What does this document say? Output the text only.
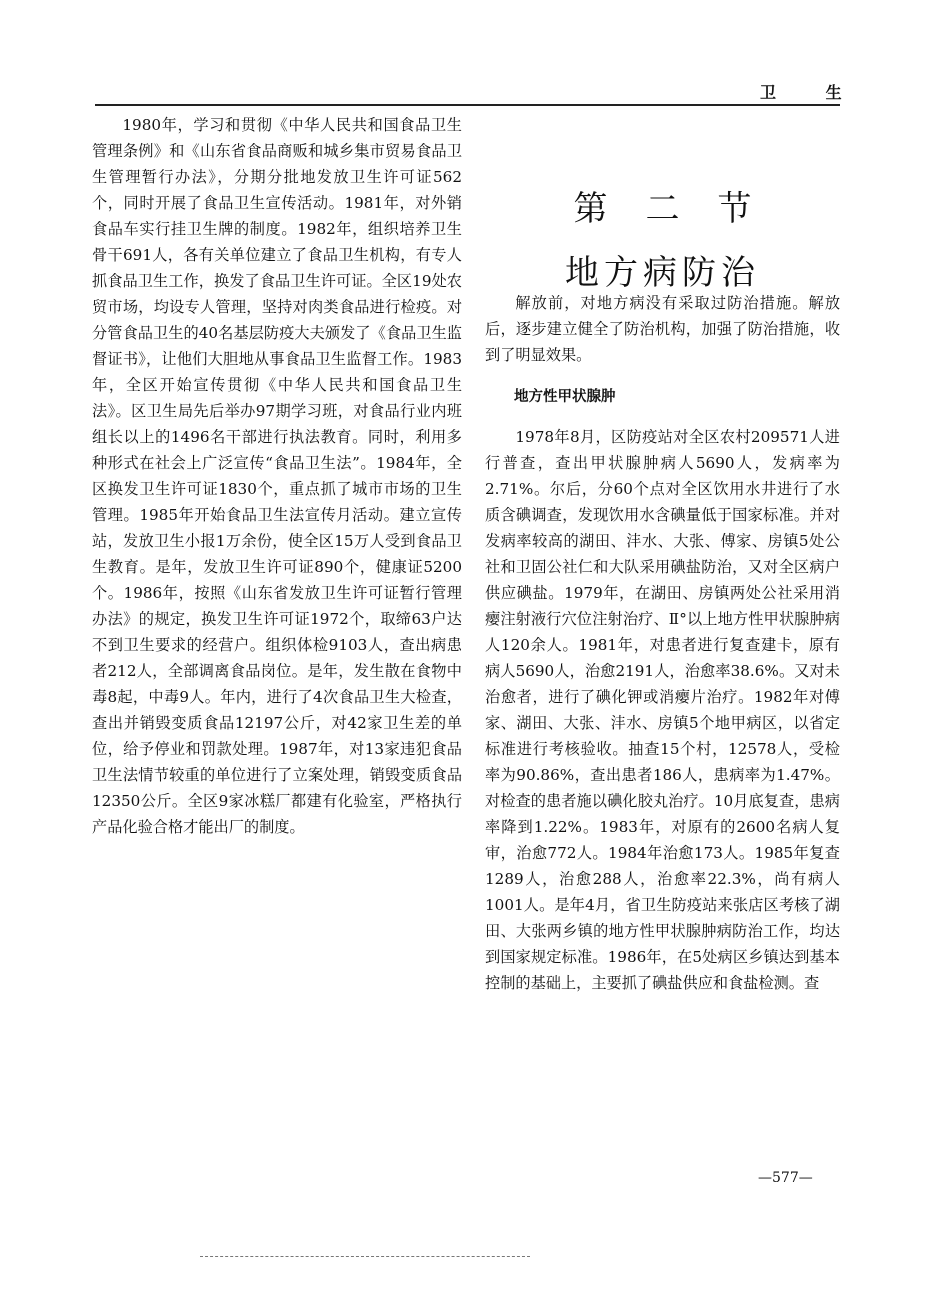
卫 生

1980年，学习和贯彻《中华人民共和国食品卫生管理条例》和《山东省食品商贩和城乡集市贸易食品卫生管理暂行办法》，分期分批地发放卫生许可证562个，同时开展了食品卫生宣传活动。1981年，对外销食品车实行挂卫生牌的制度。1982年，组织培养卫生骨干691人，各有关单位建立了食品卫生机构，有专人抓食品卫生工作，换发了食品卫生许可证。全区19处农贸市场，均设专人管理，坚持对肉类食品进行检疫。对分管食品卫生的40名基层防疫大夫颁发了《食品卫生监督证书》，让他们大胆地从事食品卫生监督工作。1983年，全区开始宣传贯彻《中华人民共和国食品卫生法》。区卫生局先后举办97期学习班，对食品行业内班组长以上的1496名干部进行执法教育。同时，利用多种形式在社会上广泛宣传“食品卫生法”。1984年，全区换发卫生许可证1830个，重点抓了城市市场的卫生管理。1985年开始食品卫生法宣传月活动。建立宣传站，发放卫生小报1万余份，使全区15万人受到食品卫生教育。是年，发放卫生许可证890个，健康证5200个。1986年，按照《山东省发放卫生许可证暂行管理办法》的规定，换发卫生许可证1972个，取缔63户达不到卫生要求的经营户。组织体检9103人，查出病患者212人，全部调离食品岗位。是年，发生散在食物中毒8起，中毒9人。年内，进行了4次食品卫生大检查，查出并销毁变质食品12197公斤，对42家卫生差的单位，给予停业和罚款处理。1987年，对13家违犯食品卫生法情节较重的单位进行了立案处理，销毁变质食品12350公斤。全区9家冰糕厂都建有化验室，严格执行产品化验合格才能出厂的制度。

第二节
地方病防治

解放前，对地方病没有采取过防治措施。解放后，逐步建立健全了防治机构，加强了防治措施，收到了明显效果。

地方性甲状腺肿

1978年8月，区防疫站对全区农村209571人进行普查，查出甲状腺肿病人5690人，发病率为2.71%。尔后，分60个点对全区饮用水井进行了水质含碘调查，发现饮用水含碘量低于国家标准。并对发病率较高的湖田、沣水、大张、傅家、房镇5处公社和卫固公社仁和大队采用碘盐防治，又对全区病户供应碘盐。1979年，在湖田、房镇两处公社采用消瘿注射液行穴位注射治疗、Ⅱ°以上地方性甲状腺肿病人120余人。1981年，对患者进行复查建卡，原有病人5690人，治愈2191人，治愈率38.6%。又对未治愈者，进行了碘化钾或消瘿片治疗。1982年对傅家、湖田、大张、沣水、房镇5个地甲病区，以省定标准进行考核验收。抽查15个村，12578人，受检率为90.86%，查出患者186人，患病率为1.47%。对检查的患者施以碘化胶丸治疗。10月底复查，患病率降到1.22%。1983年，对原有的2600名病人复审，治愈772人。1984年治愈173人。1985年复查1289人，治愈288人，治愈率22.3%，尚有病人1001人。是年4月，省卫生防疫站来张店区考核了湖田、大张两乡镇的地方性甲状腺肿病防治工作，均达到国家规定标准。1986年，在5处病区乡镇达到基本控制的基础上，主要抓了碘盐供应和食盐检测。查

—577—
